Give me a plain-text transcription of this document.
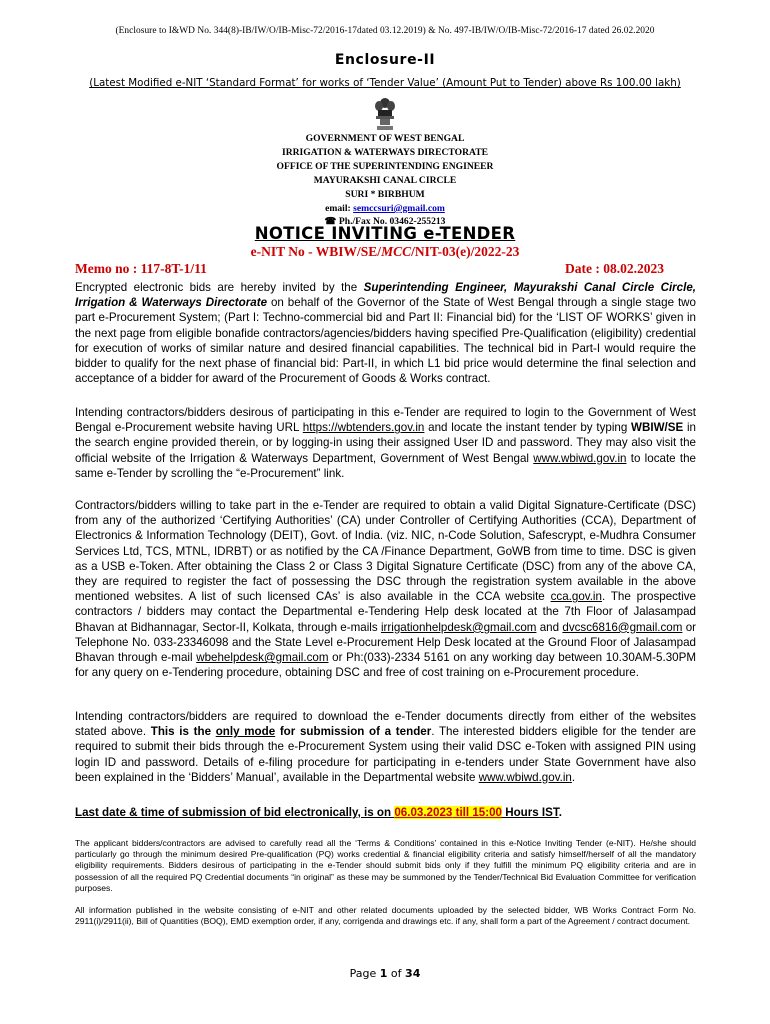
(Enclosure to I&WD No. 344(8)-IB/IW/O/IB-Misc-72/2016-17dated 03.12.2019) & No. 497-IB/IW/O/IB-Misc-72/2016-17 dated 26.02.2020
Enclosure-II
(Latest Modified e-NIT ‘Standard Format’ for works of ‘Tender Value’ (Amount Put to Tender) above Rs 100.00 lakh)
GOVERNMENT OF WEST BENGAL
IRRIGATION & WATERWAYS DIRECTORATE
OFFICE OF THE SUPERINTENDING ENGINEER
MAYURAKSHI CANAL CIRCLE
SURI * BIRBHUM
email: semccsuri@gmail.com
☎ Ph./Fax No. 03462-255213
NOTICE INVITING e-TENDER
e-NIT No - WBIW/SE/MCC/NIT-03(e)/2022-23
Memo no : 117-8T-1/11	Date : 08.02.2023
Encrypted electronic bids are hereby invited by the Superintending Engineer, Mayurakshi Canal Circle Circle, Irrigation & Waterways Directorate on behalf of the Governor of the State of West Bengal through a single stage two part e-Procurement System; (Part I: Techno-commercial bid and Part II: Financial bid) for the ‘LIST OF WORKS’ given in the next page from eligible bonafide contractors/agencies/bidders having specified Pre-Qualification (eligibility) credential for execution of works of similar nature and desired financial capabilities. The technical bid in Part-I would require the bidder to qualify for the next phase of financial bid: Part-II, in which L1 bid price would determine the final selection and acceptance of a bidder for award of the Procurement of Goods & Works contract.
Intending contractors/bidders desirous of participating in this e-Tender are required to login to the Government of West Bengal e-Procurement website having URL https://wbtenders.gov.in and locate the instant tender by typing WBIW/SE in the search engine provided therein, or by logging-in using their assigned User ID and password. They may also visit the official website of the Irrigation & Waterways Department, Government of West Bengal www.wbiwd.gov.in to locate the same e-Tender by scrolling the “e-Procurement” link.
Contractors/bidders willing to take part in the e-Tender are required to obtain a valid Digital Signature-Certificate (DSC) from any of the authorized ‘Certifying Authorities’ (CA) under Controller of Certifying Authorities (CCA), Department of Electronics & Information Technology (DEIT), Govt. of India. (viz. NIC, n-Code Solution, Safescrypt, e-Mudhra Consumer Services Ltd, TCS, MTNL, IDRBT) or as notified by the CA /Finance Department, GoWB from time to time. DSC is given as a USB e-Token. After obtaining the Class 2 or Class 3 Digital Signature Certificate (DSC) from any of the above CA, they are required to register the fact of possessing the DSC through the registration system available in the above mentioned websites. A list of such licensed CAs’ is also available in the CCA website cca.gov.in. The prospective contractors / bidders may contact the Departmental e-Tendering Help desk located at the 7th Floor of Jalasampad Bhavan at Bidhannagar, Sector-II, Kolkata, through e-mails irrigationhelpdesk@gmail.com and dvcsc6816@gmail.com or Telephone No. 033-23346098 and the State Level e-Procurement Help Desk located at the Ground Floor of Jalasampad Bhavan through e-mail wbehelpdesk@gmail.com or Ph:(033)-2334 5161 on any working day between 10.30AM-5.30PM for any query on e-Tendering procedure, obtaining DSC and free of cost training on e-Procurement procedure.
Intending contractors/bidders are required to download the e-Tender documents directly from either of the websites stated above. This is the only mode for submission of a tender. The interested bidders eligible for the tender are required to submit their bids through the e-Procurement System using their valid DSC e-Token with assigned PIN using login ID and password. Details of e-filing procedure for participating in e-tenders under State Government have also been explained in the ‘Bidders’ Manual’, available in the Departmental website www.wbiwd.gov.in.
Last date & time of submission of bid electronically, is on 06.03.2023 till 15:00 Hours IST.
The applicant bidders/contractors are advised to carefully read all the ‘Terms & Conditions’ contained in this e-Notice Inviting Tender (e-NIT). He/she should particularly go through the minimum desired Pre-qualification (PQ) works credential & financial eligibility criteria and satisfy himself/herself of all the mandatory eligibility requirements. Bidders desirous of participating in the e-Tender should submit bids only if they fulfill the minimum PQ eligibility criteria and are in possession of all the required PQ Credential documents “in original” as these may be summoned by the Tender/Technical Bid Evaluation Committee for verification purposes.
All information published in the website consisting of e-NIT and other related documents uploaded by the selected bidder, WB Works Contract Form No. 2911(i)/2911(ii), Bill of Quantities (BOQ), EMD exemption order, if any, corrigenda and drawings etc. if any, shall form a part of the Agreement / contract document.
Page 1 of 34
